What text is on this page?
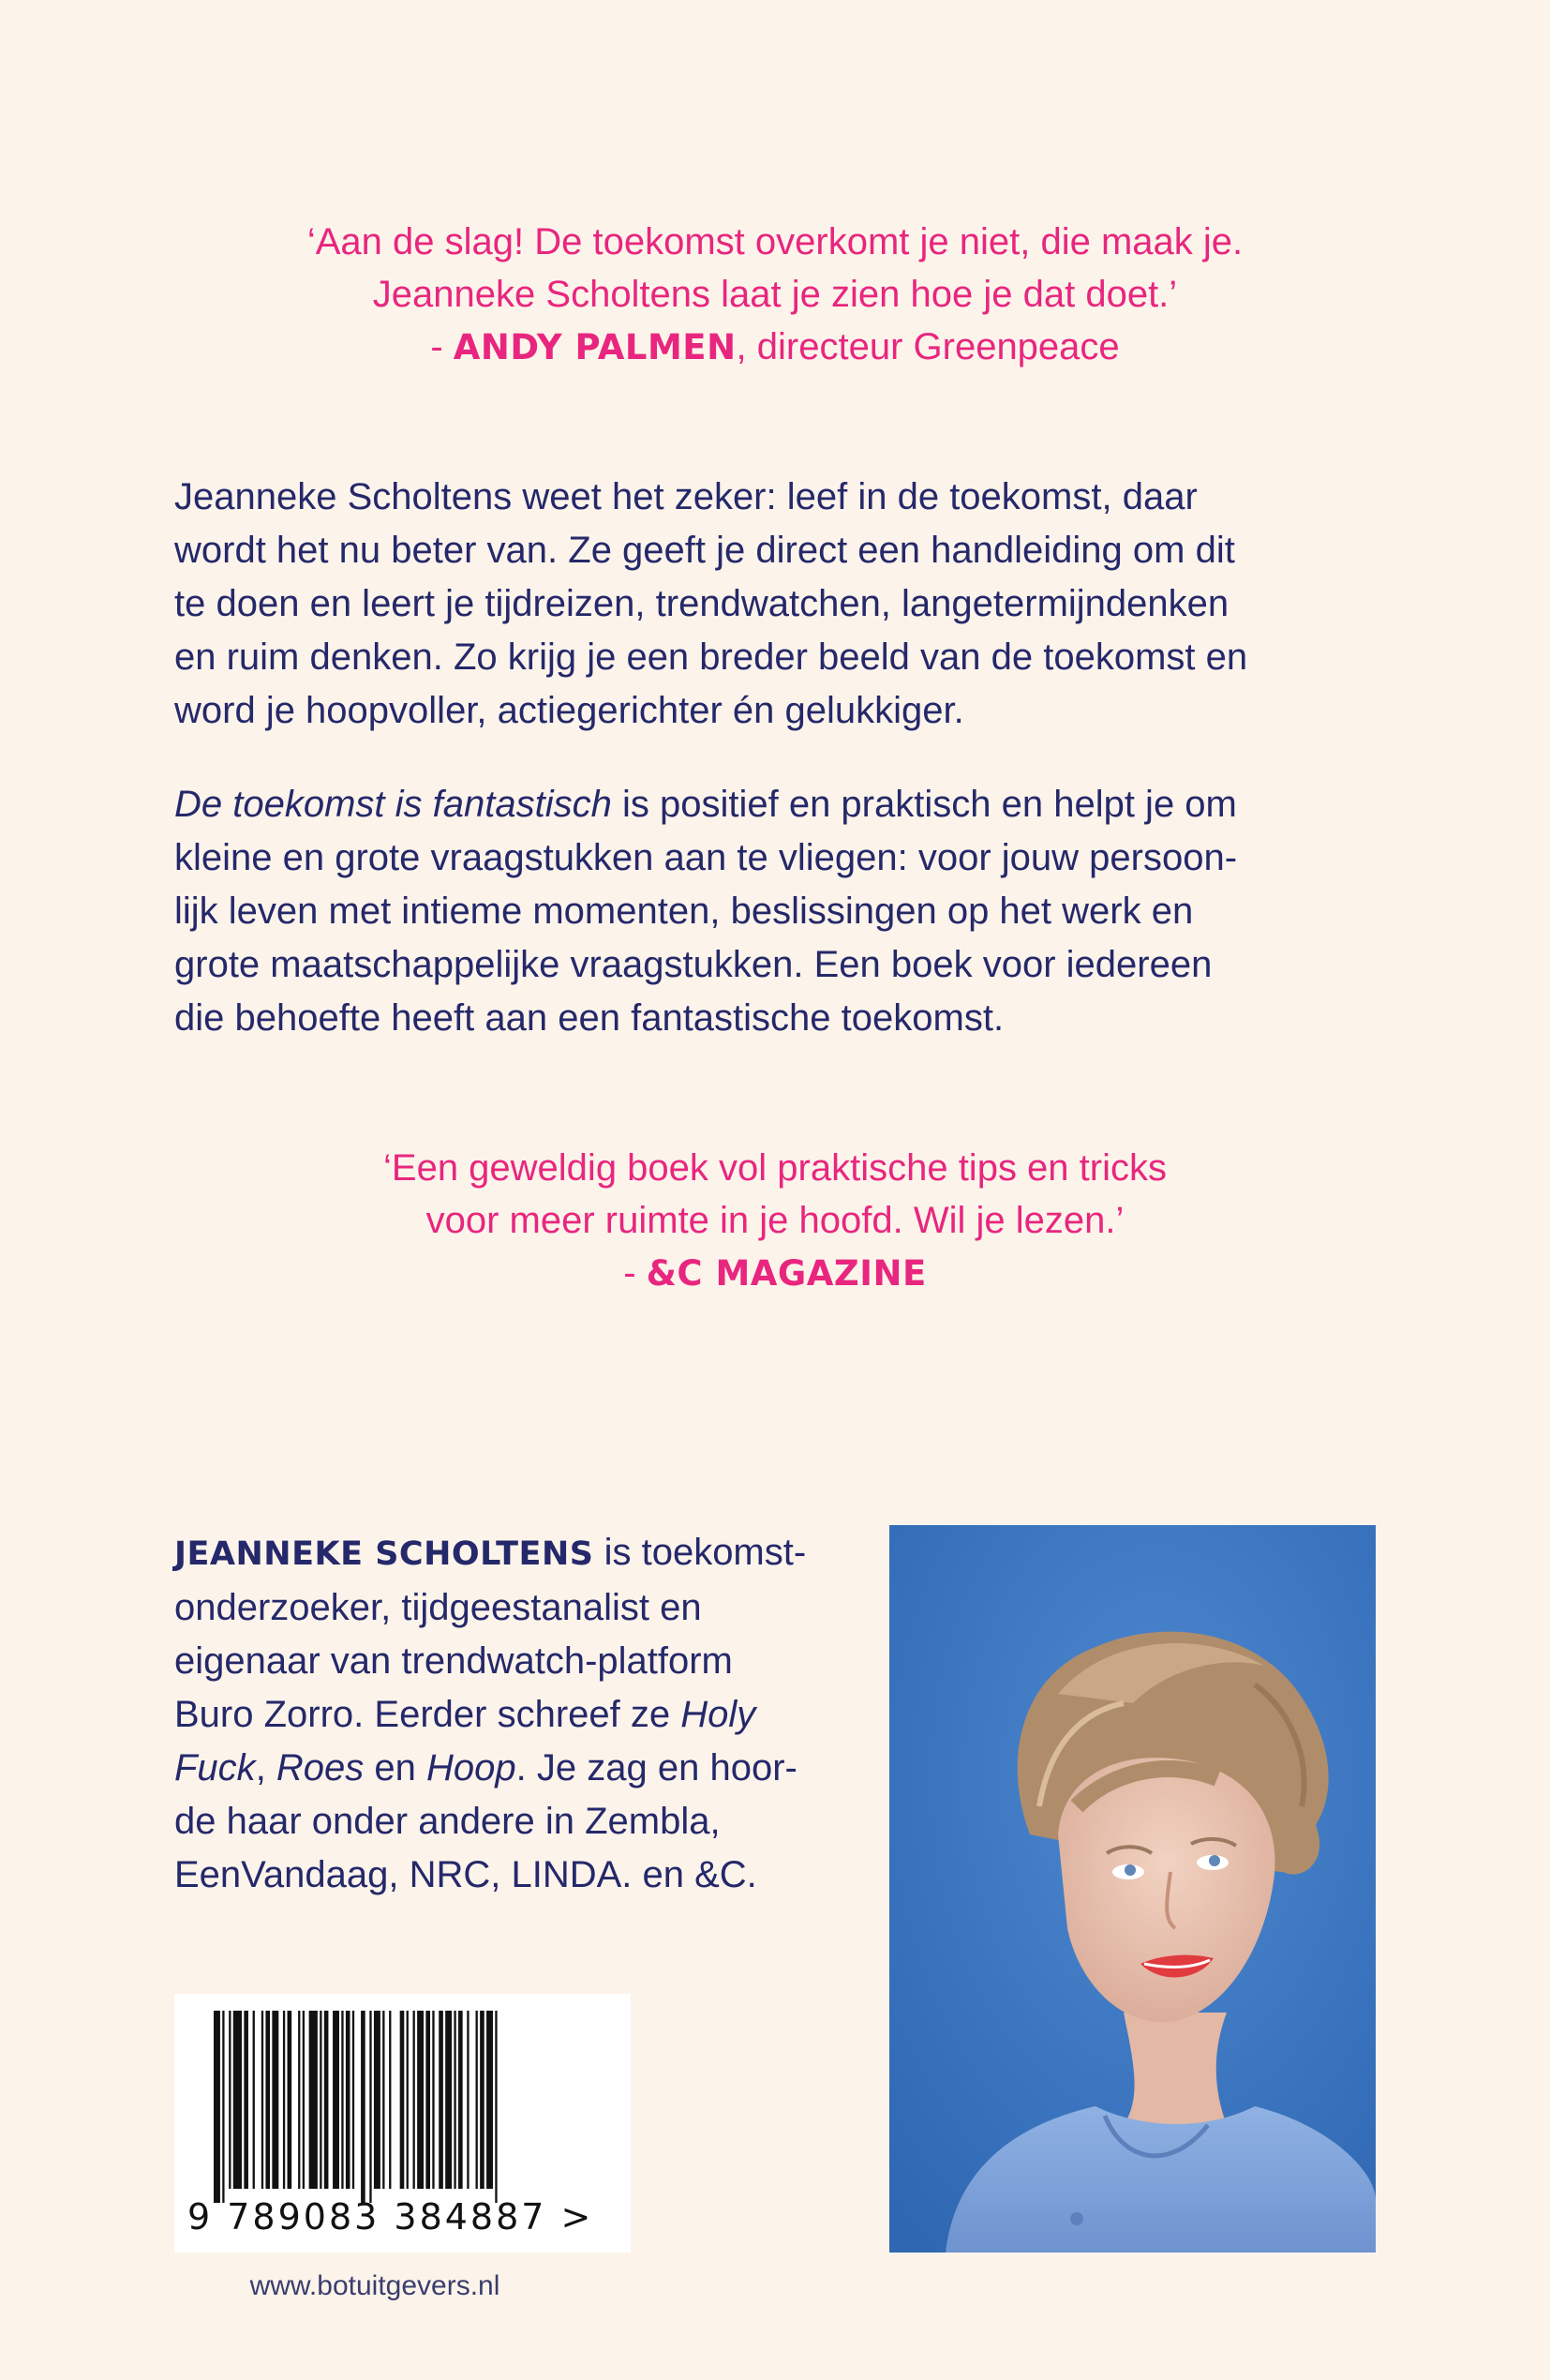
‘Aan de slag! De toekomst overkomt je niet, die maak je.
Jeanneke Scholtens laat je zien hoe je dat doet.’
- ANDY PALMEN, directeur Greenpeace
Jeanneke Scholtens weet het zeker: leef in de toekomst, daar
wordt het nu beter van. Ze geeft je direct een handleiding om dit
te doen en leert je tijdreizen, trendwatchen, langetermijndenken
en ruim denken. Zo krijg je een breder beeld van de toekomst en
word je hoopvoller, actiegerichter én gelukkiger.
De toekomst is fantastisch is positief en praktisch en helpt je om
kleine en grote vraagstukken aan te vliegen: voor jouw persoon-
lijk leven met intieme momenten, beslissingen op het werk en
grote maatschappelijke vraagstukken. Een boek voor iedereen
die behoefte heeft aan een fantastische toekomst.
‘Een geweldig boek vol praktische tips en tricks
voor meer ruimte in je hoofd. Wil je lezen.’
- &C MAGAZINE
JEANNEKE SCHOLTENS is toekomst-
onderzoeker, tijdgeestanalist en
eigenaar van trendwatch-platform
Buro Zorro. Eerder schreef ze Holy
Fuck, Roes en Hoop. Je zag en hoor-
de haar onder andere in Zembla,
EenVandaag, NRC, LINDA. en &C.
9 789083 384887 >
www.botuitgevers.nl
